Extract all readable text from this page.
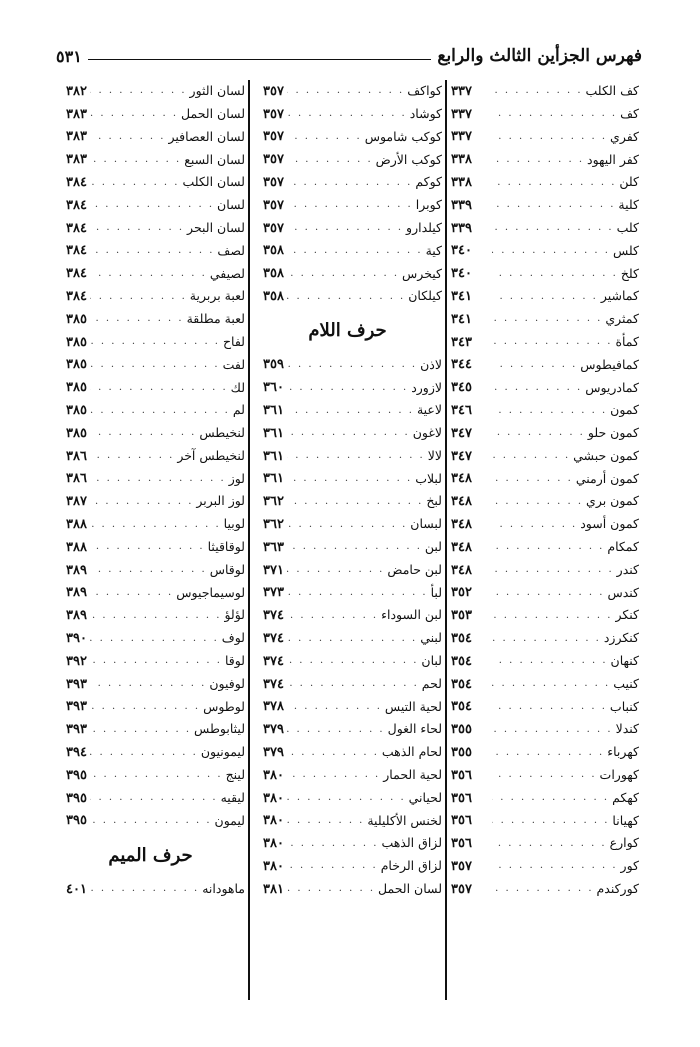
فهرس الجزأين الثالث والرابع
٥٣١
كف الكلب
. . .
٣٣٧
كف
. . .
٣٣٧
كفري
. . .
٣٣٧
كفر اليهود
. . .
٣٣٨
كلن
. . .
٣٣٨
كلية
. . .
٣٣٩
كلب
. . .
٣٣٩
كلس
. . .
٣٤٠
كلخ
. . .
٣٤٠
كماشير
. . .
٣٤١
كمثري
. . .
٣٤١
كمأة
. . .
٣٤٣
كمافيطوس
. . .
٣٤٤
كمادريوس
. . .
٣٤٥
كمون
. . .
٣٤٦
كمون حلو
. . .
٣٤٧
كمون حبشي
. . .
٣٤٧
كمون أرمني
. . .
٣٤٨
كمون بري
. . .
٣٤٨
كمون أسود
. . .
٣٤٨
كمكام
. . .
٣٤٨
كندر
. . .
٣٤٨
كندس
. . .
٣٥٢
كنكر
. . .
٣٥٣
كنكرزد
. . .
٣٥٤
كنهان
. . .
٣٥٤
كنيب
. . .
٣٥٤
كنباب
. . .
٣٥٤
كندلا
. . .
٣٥٥
كهرباء
. . .
٣٥٥
كهورات
. . .
٣٥٦
كهكم
. . .
٣٥٦
كهيانا
. . .
٣٥٦
كوارع
. . .
٣٥٦
كور
. . .
٣٥٧
كوركندم
. . .
٣٥٧
كواكف
. . .
٣٥٧
كوشاد
. . .
٣٥٧
كوكب شاموس
. . .
٣٥٧
كوكب الأرض
. . .
٣٥٧
كوكم
. . .
٣٥٧
كوبرا
. . .
٣٥٧
كيلدارو
. . .
٣٥٧
كية
. . .
٣٥٨
كيخرس
. . .
٣٥٨
كيلكان
. . .
٣٥٨
حرف اللام
لاذن
. . .
٣٥٩
لازورد
. . .
٣٦٠
لاعية
. . .
٣٦١
لاغون
. . .
٣٦١
لالا
. . .
٣٦١
لبلاب
. . .
٣٦١
لبخ
. . .
٣٦٢
لبسان
. . .
٣٦٢
لبن
. . .
٣٦٣
لبن حامض
. . .
٣٧١
لبأ
. . .
٣٧٣
لبن السوداء
. . .
٣٧٤
لبني
. . .
٣٧٤
لبان
. . .
٣٧٤
لحم
. . .
٣٧٤
لحية التيس
. . .
٣٧٨
لحاء الغول
. . .
٣٧٩
لحام الذهب
. . .
٣٧٩
لحية الحمار
. . .
٣٨٠
لحياني
. . .
٣٨٠
لخنس الأكليلية
. . .
٣٨٠
لزاق الذهب
. . .
٣٨٠
لزاق الرخام
. . .
٣٨٠
لسان الحمل
. . .
٣٨١
لسان الثور
. . .
٣٨٢
لسان الحمل
. . .
٣٨٣
لسان العصافير
. . .
٣٨٣
لسان السبع
. . .
٣٨٣
لسان الكلب
. . .
٣٨٤
لسان
. . .
٣٨٤
لسان البحر
. . .
٣٨٤
لصف
. . .
٣٨٤
لصيفي
. . .
٣٨٤
لعبة بربرية
. . .
٣٨٤
لعبة مطلقة
. . .
٣٨٥
لفاح
. . .
٣٨٥
لفت
. . .
٣٨٥
لك
. . .
٣٨٥
لم
. . .
٣٨٥
لنخيطس
. . .
٣٨٥
لنخيطس آخر
. . .
٣٨٦
لوز
. . .
٣٨٦
لوز البربر
. . .
٣٨٧
لوبيا
. . .
٣٨٨
لوقاقيثا
. . .
٣٨٨
لوقاس
. . .
٣٨٩
لوسيماجيوس
. . .
٣٨٩
لؤلؤ
. . .
٣٨٩
لوف
. . .
٣٩٠
لوقا
. . .
٣٩٢
لوفيون
. . .
٣٩٣
لوطوس
. . .
٣٩٣
ليثابوطس
. . .
٣٩٣
ليمونيون
. . .
٣٩٤
لينج
. . .
٣٩٥
ليقيه
. . .
٣٩٥
ليمون
. . .
٣٩٥
حرف الميم
ماهودانه
. . .
٤٠١
